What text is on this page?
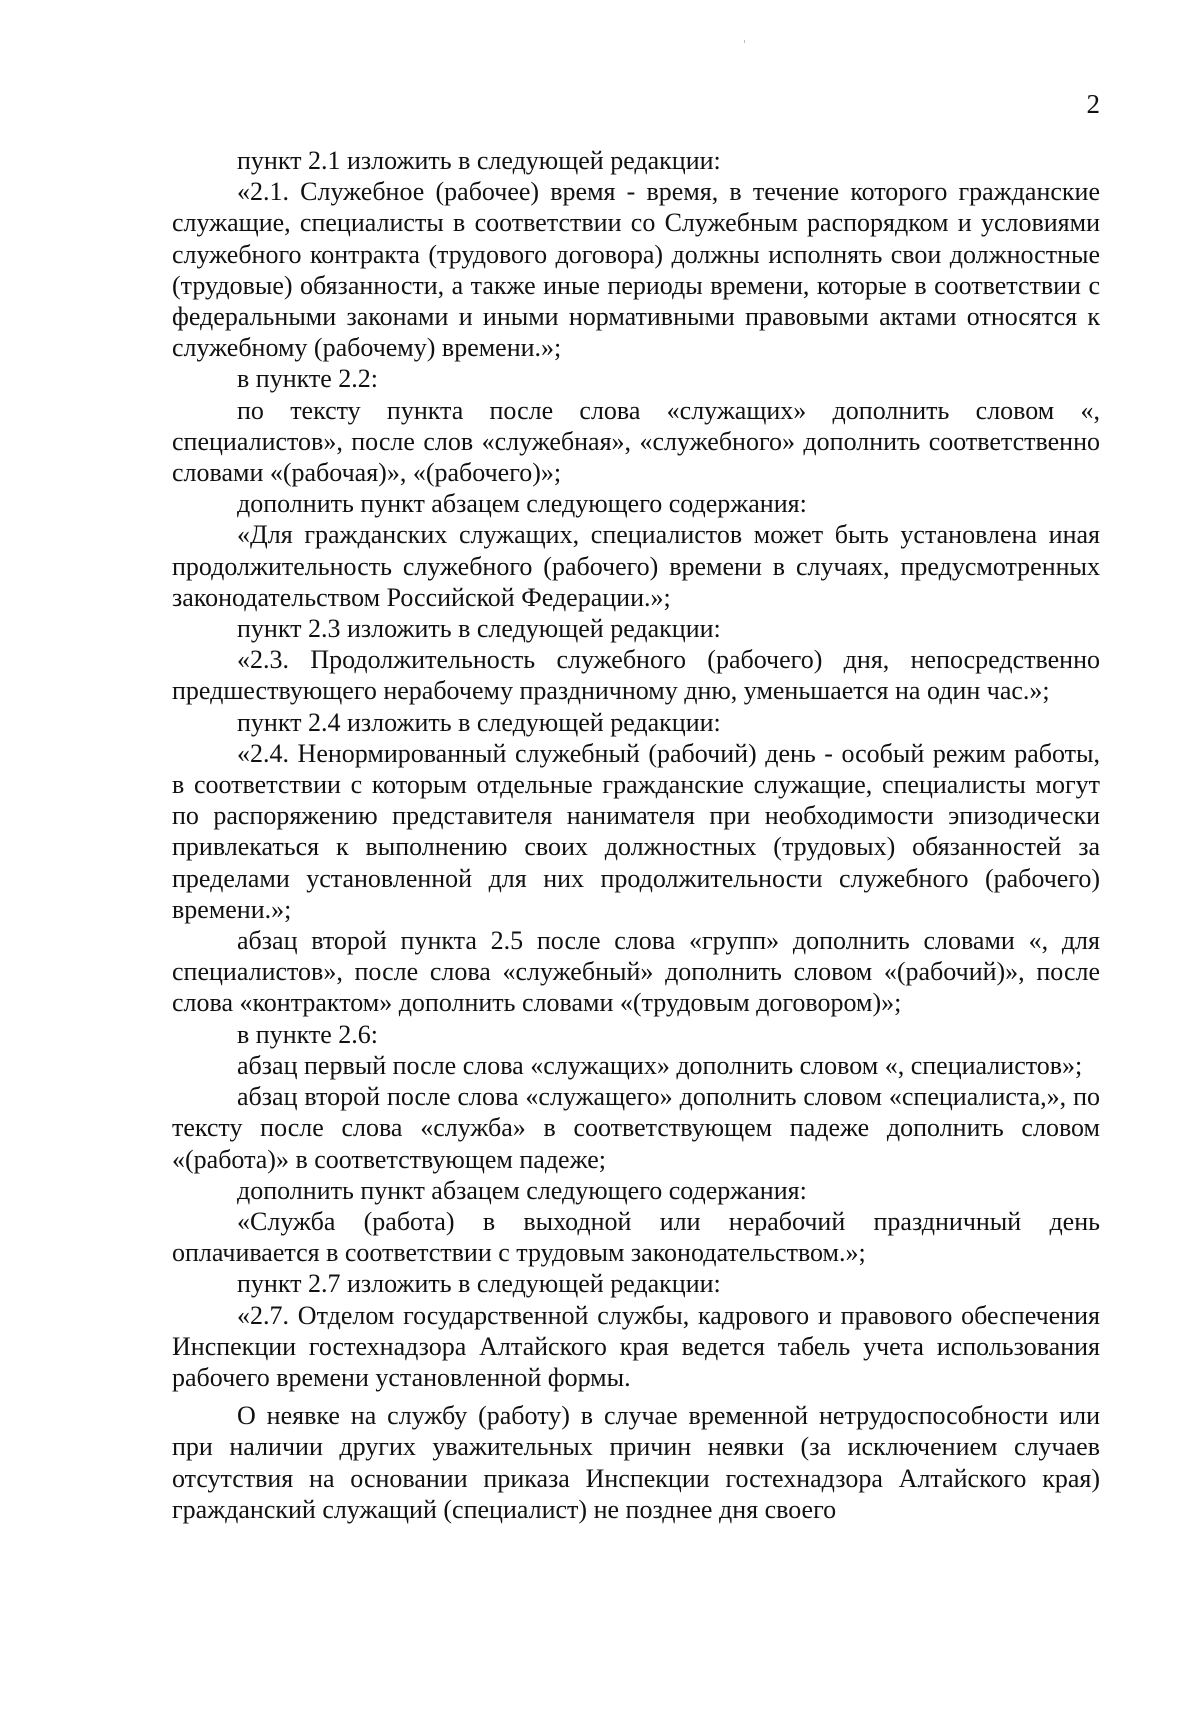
2

пункт 2.1 изложить в следующей редакции:

«2.1. Служебное (рабочее) время - время, в течение которого гражданские служащие, специалисты в соответствии со Служебным распорядком и условиями служебного контракта (трудового договора) должны исполнять свои должностные (трудовые) обязанности, а также иные периоды времени, которые в соответствии с федеральными законами и иными нормативными правовыми актами относятся к служебному (рабочему) времени.»;

в пункте 2.2:

по тексту пункта после слова «служащих» дополнить словом «, специалистов», после слов «служебная», «служебного» дополнить соответственно словами «(рабочая)», «(рабочего)»;

дополнить пункт абзацем следующего содержания:

«Для гражданских служащих, специалистов может быть установлена иная продолжительность служебного (рабочего) времени в случаях, предусмотренных законодательством Российской Федерации.»;

пункт 2.3 изложить в следующей редакции:

«2.3. Продолжительность служебного (рабочего) дня, непосредственно предшествующего нерабочему праздничному дню, уменьшается на один час.»;

пункт 2.4 изложить в следующей редакции:

«2.4. Ненормированный служебный (рабочий) день - особый режим работы, в соответствии с которым отдельные гражданские служащие, специалисты могут по распоряжению представителя нанимателя при необходимости эпизодически привлекаться к выполнению своих должностных (трудовых) обязанностей за пределами установленной для них продолжительности служебного (рабочего) времени.»;

абзац второй пункта 2.5 после слова «групп» дополнить словами «, для специалистов», после слова «служебный» дополнить словом «(рабочий)», после слова «контрактом» дополнить словами «(трудовым договором)»;

в пункте 2.6:

абзац первый после слова «служащих» дополнить словом «, специалистов»;

абзац второй после слова «служащего» дополнить словом «специалиста,», по тексту после слова «служба» в соответствующем падеже дополнить словом «(работа)» в соответствующем падеже;

дополнить пункт абзацем следующего содержания:

«Служба (работа) в выходной или нерабочий праздничный день оплачивается в соответствии с трудовым законодательством.»;

пункт 2.7 изложить в следующей редакции:

«2.7. Отделом государственной службы, кадрового и правового обеспечения Инспекции гостехнадзора Алтайского края ведется табель учета использования рабочего времени установленной формы.

О неявке на службу (работу) в случае временной нетрудоспособности или при наличии других уважительных причин неявки (за исключением случаев отсутствия на основании приказа Инспекции гостехнадзора Алтайского края) гражданский служащий (специалист) не позднее дня своего
